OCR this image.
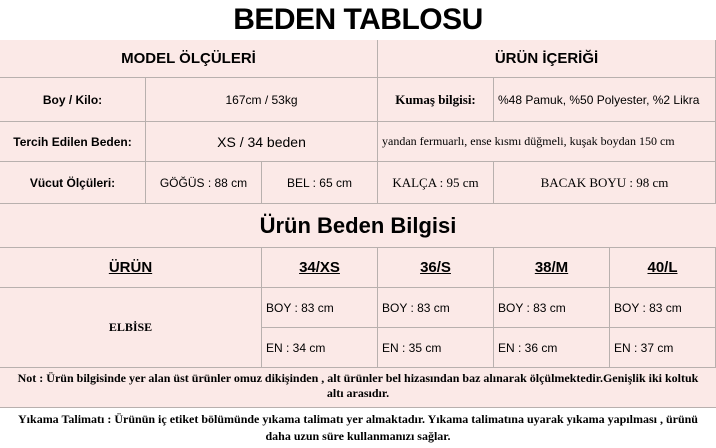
BEDEN TABLOSU
MODEL ÖLÇÜLERİ	ÜRÜN İÇERİĞİ
Boy / Kilo:	167cm / 53kg	Kumaş bilgisi:	%48 Pamuk, %50 Polyester, %2 Likra
Tercih Edilen Beden:	XS / 34 beden	yandan fermuarlı, ense kısmı düğmeli, kuşak boydan 150 cm
Vücut Ölçüleri:	GÖĞÜS : 88 cm	BEL : 65 cm	KALÇA : 95 cm	BACAK BOYU : 98 cm
Ürün Beden Bilgisi
ÜRÜN	34/XS	36/S	38/M	40/L
ELBİSE
BOY : 83 cm	BOY : 83 cm	BOY : 83 cm	BOY : 83 cm
EN : 34 cm	EN : 35 cm	EN : 36 cm	EN : 37 cm
Not : Ürün bilgisinde yer alan üst ürünler omuz dikişinden , alt ürünler bel hizasından baz alınarak ölçülmektedir.Genişlik iki koltuk altı arasıdır.
Yıkama Talimatı : Ürünün iç etiket bölümünde yıkama talimatı yer almaktadır. Yıkama talimatına uyarak yıkama yapılması , ürünü daha uzun süre kullanmanızı sağlar.
